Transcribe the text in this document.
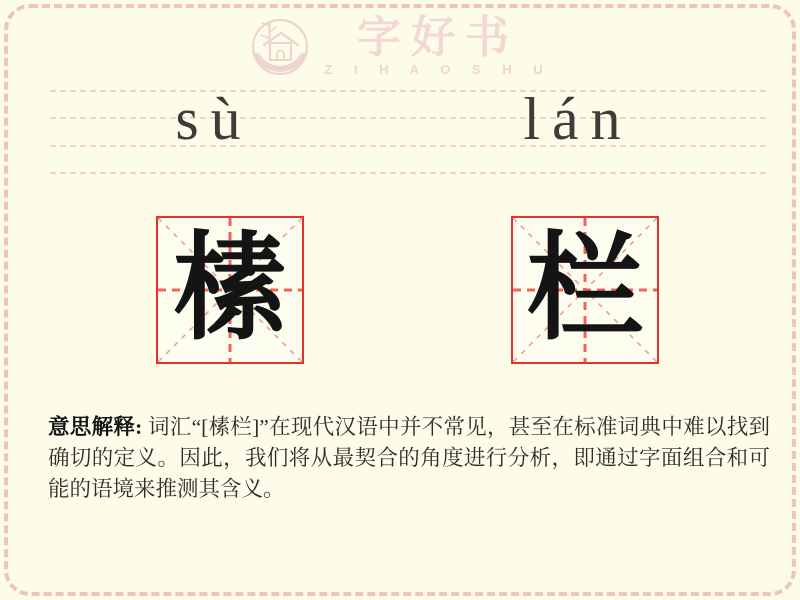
字好书
Z I H A O S H U
sù	lán
榡 栏
意思解释: 词汇“[榡栏]”在现代汉语中并不常见，甚至在标准词典中难以找到确切的定义。因此，我们将从最契合的角度进行分析，即通过字面组合和可能的语境来推测其含义。
